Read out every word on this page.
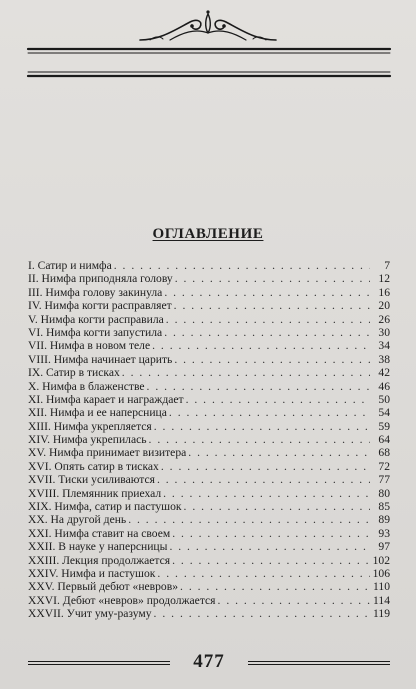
ОГЛАВЛЕНИЕ
I. Сатир и нимфа . . .	7
II. Нимфа приподняла голову . . .	12
III. Нимфа голову закинула . . .	16
IV. Нимфа когти расправляет . . .	20
V. Нимфа когти расправила . . .	26
VI. Нимфа когти запустила . . .	30
VII. Нимфа в новом теле . . .	34
VIII. Нимфа начинает царить . . .	38
IX. Сатир в тисках . . .	42
X. Нимфа в блаженстве . . .	46
XI. Нимфа карает и награждает . . .	50
XII. Нимфа и ее наперсница . . .	54
XIII. Нимфа укрепляется . . .	59
XIV. Нимфа укрепилась . . .	64
XV. Нимфа принимает визитера . . .	68
XVI. Опять сатир в тисках . . .	72
XVII. Тиски усиливаются . . .	77
XVIII. Племянник приехал . . .	80
XIX. Нимфа, сатир и пастушок . . .	85
XX. На другой день . . .	89
XXI. Нимфа ставит на своем . . .	93
XXII. В науке у наперсницы . . .	97
XXIII. Лекция продолжается . . .	102
XXIV. Нимфа и пастушок . . .	106
XXV. Первый дебют «невров» . . .	110
XXVI. Дебют «невров» продолжается . . .	114
XXVII. Учит уму-разуму . . .	119
477
